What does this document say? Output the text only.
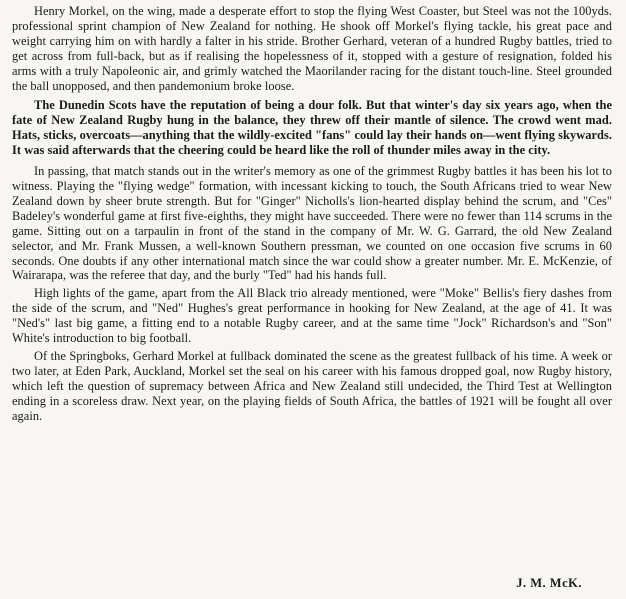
Henry Morkel, on the wing, made a desperate effort to stop the flying West Coaster, but Steel was not the 100yds. professional sprint champion of New Zealand for nothing. He shook off Morkel's flying tackle, his great pace and weight carrying him on with hardly a falter in his stride. Brother Gerhard, veteran of a hundred Rugby battles, tried to get across from full-back, but as if realising the hopelessness of it, stopped with a gesture of resignation, folded his arms with a truly Napoleonic air, and grimly watched the Maorilander racing for the distant touch-line. Steel grounded the ball unopposed, and then pandemonium broke loose.

The Dunedin Scots have the reputation of being a dour folk. But that winter's day six years ago, when the fate of New Zealand Rugby hung in the balance, they threw off their mantle of silence. The crowd went mad. Hats, sticks, overcoats—anything that the wildly-excited "fans" could lay their hands on—went flying skywards. It was said afterwards that the cheering could be heard like the roll of thunder miles away in the city.

In passing, that match stands out in the writer's memory as one of the grimmest Rugby battles it has been his lot to witness. Playing the "flying wedge" formation, with incessant kicking to touch, the South Africans tried to wear New Zealand down by sheer brute strength. But for "Ginger" Nicholls's lion-hearted display behind the scrum, and "Ces" Badeley's wonderful game at first five-eighths, they might have succeeded. There were no fewer than 114 scrums in the game. Sitting out on a tarpaulin in front of the stand in the company of Mr. W. G. Garrard, the old New Zealand selector, and Mr. Frank Mussen, a well-known Southern pressman, we counted on one occasion five scrums in 60 seconds. One doubts if any other international match since the war could show a greater number. Mr. E. McKenzie, of Wairarapa, was the referee that day, and the burly "Ted" had his hands full.

High lights of the game, apart from the All Black trio already mentioned, were "Moke" Bellis's fiery dashes from the side of the scrum, and "Ned" Hughes's great performance in hooking for New Zealand, at the age of 41. It was "Ned's" last big game, a fitting end to a notable Rugby career, and at the same time "Jock" Richardson's and "Son" White's introduction to big football.

Of the Springboks, Gerhard Morkel at fullback dominated the scene as the greatest fullback of his time. A week or two later, at Eden Park, Auckland, Morkel set the seal on his career with his famous dropped goal, now Rugby history, which left the question of supremacy between Africa and New Zealand still undecided, the Third Test at Wellington ending in a scoreless draw. Next year, on the playing fields of South Africa, the battles of 1921 will be fought all over again.

J. M. McK.
